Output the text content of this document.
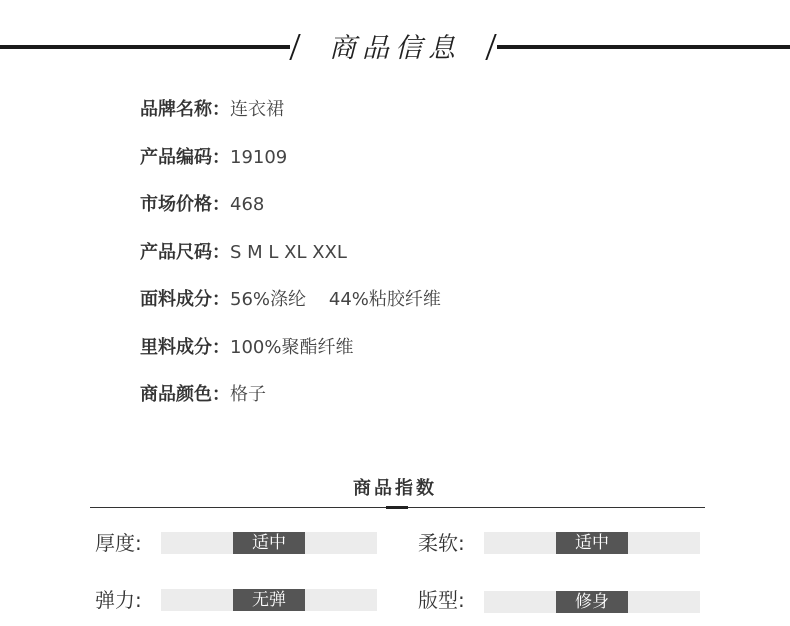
商品信息
品牌名称：连衣裙
产品编码：19109
市场价格：468
产品尺码：S M L XL XXL
面料成分：56%涤纶    44%粘胶纤维
里料成分：100%聚酯纤维
商品颜色：格子
商品指数
厚度:	适中	柔软:	适中
弹力:	无弹	版型:	修身
